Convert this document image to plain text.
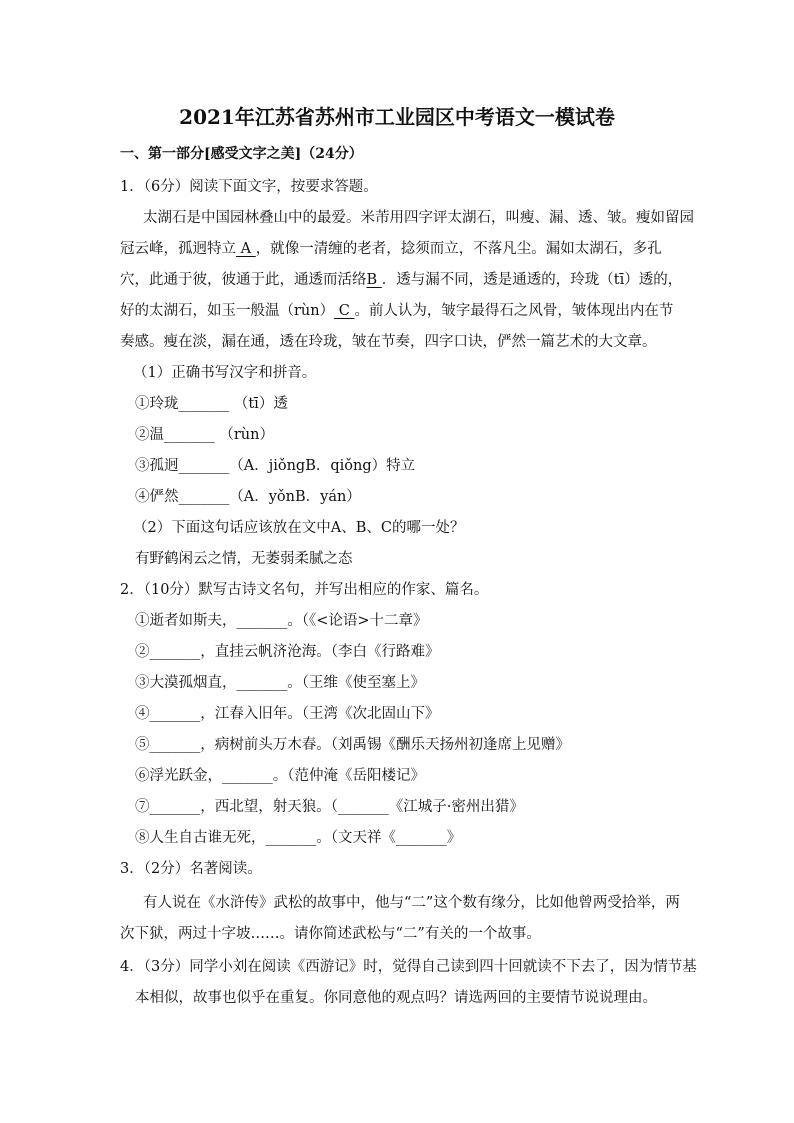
2021年江苏省苏州市工业园区中考语文一模试卷
一、第一部分[感受文字之美]（24分）
1．（6分）阅读下面文字，按要求答题。
太湖石是中国园林叠山中的最爱。米芾用四字评太湖石，叫瘦、漏、透、皱。瘦如留园
冠云峰，孤迥特立 A ，就像一清缠的老者，捻须而立，不落凡尘。漏如太湖石，多孔
穴，此通于彼，彼通于此，通透而活络B ．透与漏不同，透是通透的，玲珑（tī）透的，
好的太湖石，如玉一般温（rùn） C 。前人认为，皱字最得石之风骨，皱体现出内在节
奏感。瘦在淡，漏在通，透在玲珑，皱在节奏，四字口诀，俨然一篇艺术的大文章。
（1）正确书写汉字和拼音。
①玲珑_______ （tī）透
②温_______ （rùn）
③孤迥_______（A．jiǒngB．qiǒng）特立
④俨然_______（A．yǒnB．yán）
（2）下面这句话应该放在文中A、B、C的哪一处？
有野鹤闲云之情，无萎弱柔腻之态
2．（10分）默写古诗文名句，并写出相应的作家、篇名。
①逝者如斯夫，_______。（《<论语>十二章》
②_______，直挂云帆济沧海。（李白《行路难》
③大漠孤烟直，_______。（王维《使至塞上》
④_______，江春入旧年。（王湾《次北固山下》
⑤_______，病树前头万木春。（刘禹锡《酬乐天扬州初逢席上见赠》
⑥浮光跃金，_______。（范仲淹《岳阳楼记》
⑦_______，西北望，射天狼。（_______《江城子·密州出猎》
⑧人生自古谁无死，_______。（文天祥《_______》
3．（2分）名著阅读。
有人说在《水浒传》武松的故事中，他与“二”这个数有缘分，比如他曾两受拾举，两
次下狱，两过十字坡……。请你简述武松与“二”有关的一个故事。
4．（3分）同学小刘在阅读《西游记》时，觉得自己读到四十回就读不下去了，因为情节基
本相似，故事也似乎在重复。你同意他的观点吗？请选两回的主要情节说说理由。
